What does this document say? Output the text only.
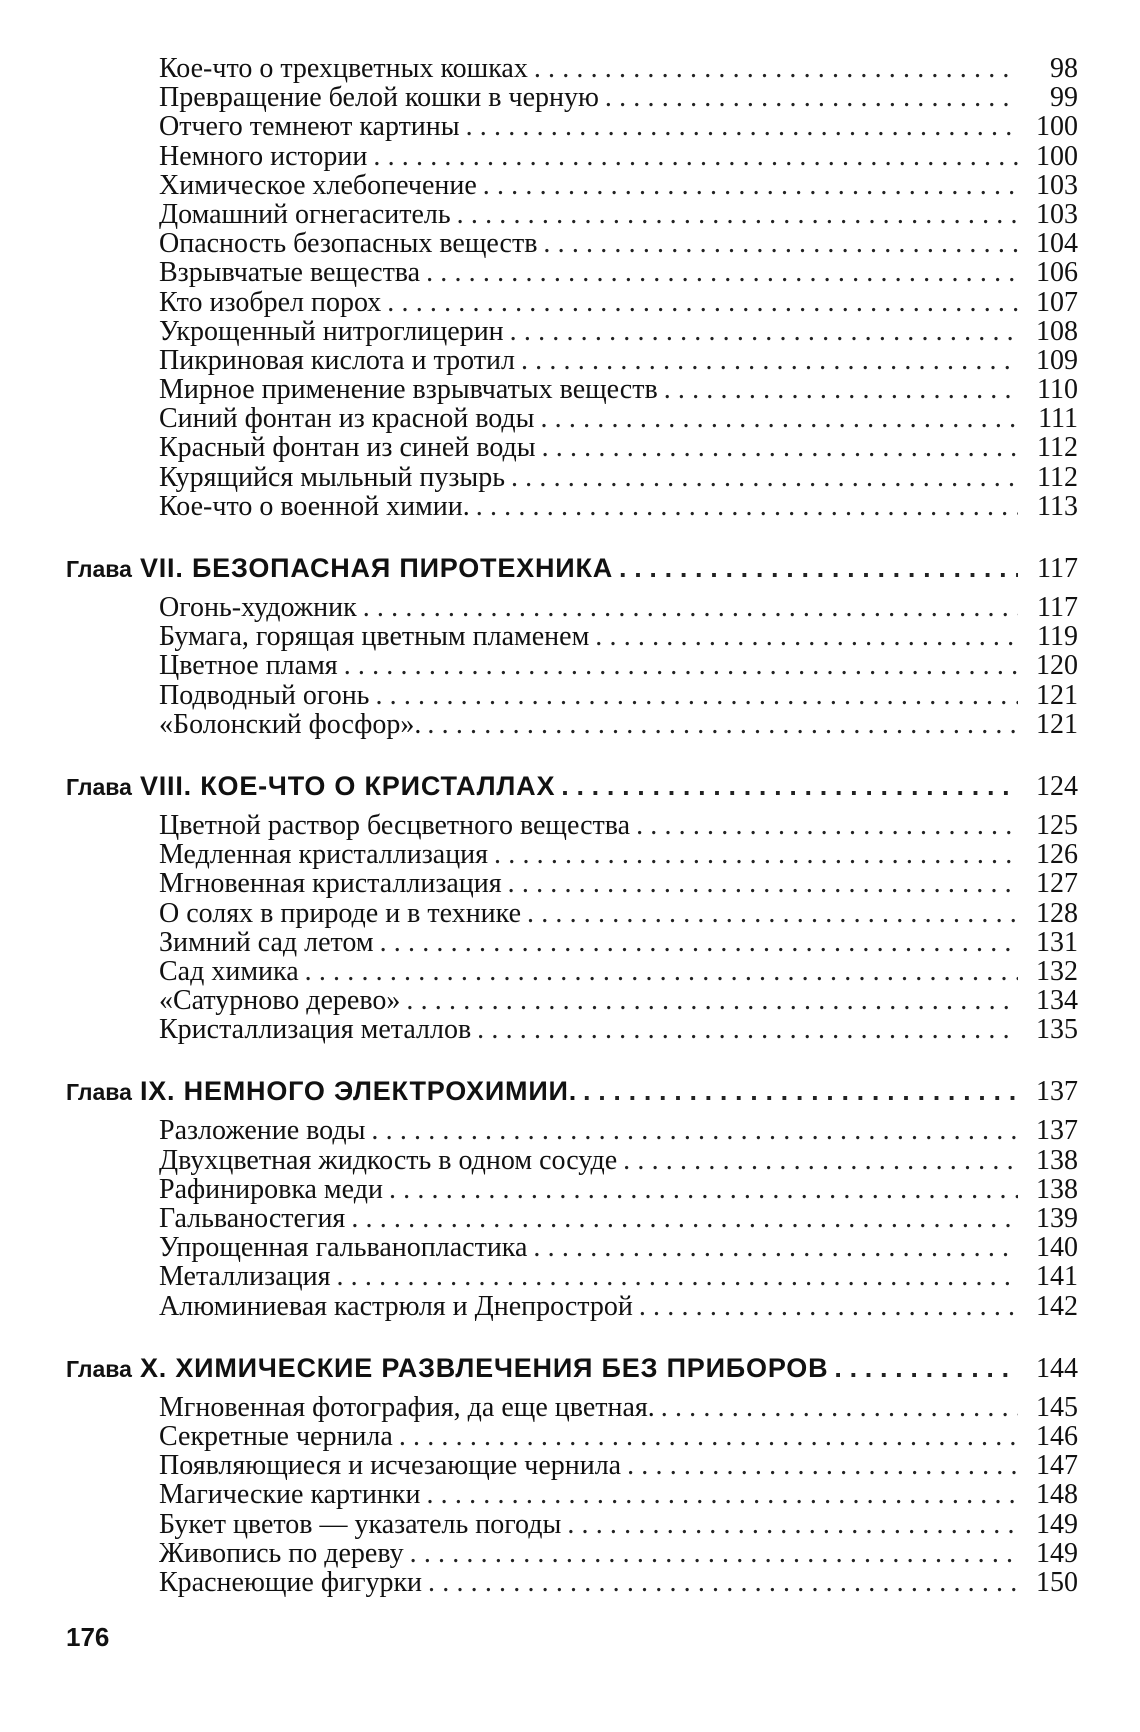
Кое-что о трехцветных кошках . . .	98
Превращение белой кошки в черную . . .	99
Отчего темнеют картины . . .	100
Немного истории . . .	100
Химическое хлебопечение . . .	103
Домашний огнегаситель . . .	103
Опасность безопасных веществ . . .	104
Взрывчатые вещества . . .	106
Кто изобрел порох . . .	107
Укрощенный нитроглицерин . . .	108
Пикриновая кислота и тротил . . .	109
Мирное применение взрывчатых веществ . . .	110
Синий фонтан из красной воды . . .	111
Красный фонтан из синей воды . . .	112
Курящийся мыльный пузырь . . .	112
Кое-что о военной химии. . . .	113
Глава VII. БЕЗОПАСНАЯ ПИРОТЕХНИКА . . .	117
Огонь-художник . . .	117
Бумага, горящая цветным пламенем . . .	119
Цветное пламя . . .	120
Подводный огонь . . .	121
«Болонский фосфор». . . .	121
Глава VIII. КОЕ-ЧТО О КРИСТАЛЛАХ . . .	124
Цветной раствор бесцветного вещества . . .	125
Медленная кристаллизация . . .	126
Мгновенная кристаллизация . . .	127
О солях в природе и в технике . . .	128
Зимний сад летом . . .	131
Сад химика . . .	132
«Сатурново дерево» . . .	134
Кристаллизация металлов . . .	135
Глава IX. НЕМНОГО ЭЛЕКТРОХИМИИ. . . .	137
Разложение воды . . .	137
Двухцветная жидкость в одном сосуде . . .	138
Рафинировка меди . . .	138
Гальваностегия . . .	139
Упрощенная гальванопластика . . .	140
Металлизация . . .	141
Алюминиевая кастрюля и Днепрострой . . .	142
Глава X. ХИМИЧЕСКИЕ РАЗВЛЕЧЕНИЯ БЕЗ ПРИБОРОВ . . .	144
Мгновенная фотография, да еще цветная. . . .	145
Секретные чернила . . .	146
Появляющиеся и исчезающие чернила . . .	147
Магические картинки . . .	148
Букет цветов — указатель погоды . . .	149
Живопись по дереву . . .	149
Краснеющие фигурки . . .	150
176
